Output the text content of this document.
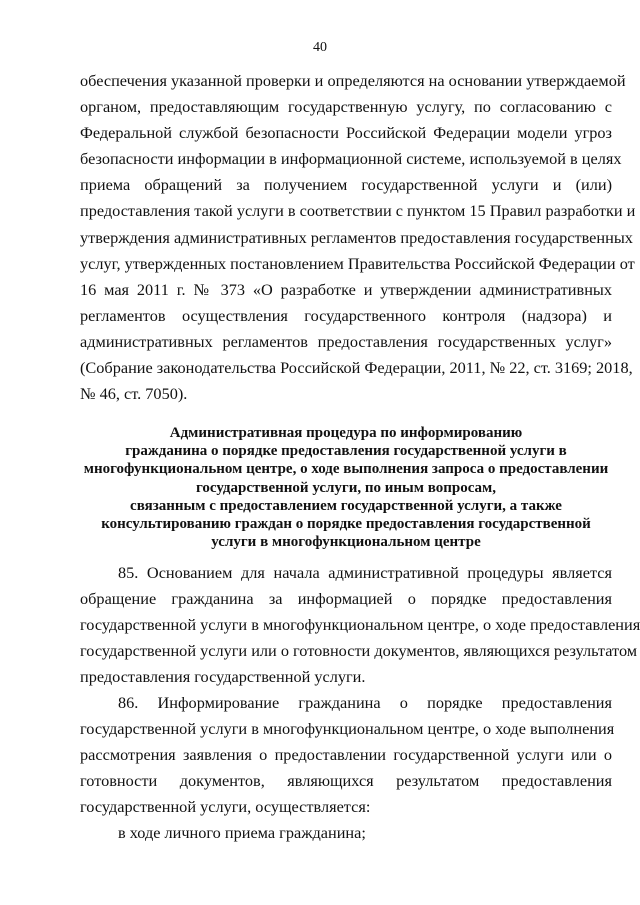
40
обеспечения указанной проверки и определяются на основании утверждаемой
органом, предоставляющим государственную услугу, по согласованию с
Федеральной службой безопасности Российской Федерации модели угроз
безопасности информации в информационной системе, используемой в целях
приема обращений за получением государственной услуги и (или)
предоставления такой услуги в соответствии с пунктом 15 Правил разработки и
утверждения административных регламентов предоставления государственных
услуг, утвержденных постановлением Правительства Российской Федерации от
16 мая 2011 г. № 373 «О разработке и утверждении административных
регламентов осуществления государственного контроля (надзора) и
административных регламентов предоставления государственных услуг»
(Собрание законодательства Российской Федерации, 2011, № 22, ст. 3169; 2018,
№ 46, ст. 7050).
Административная процедура по информированию
гражданина о порядке предоставления государственной услуги в
многофункциональном центре, о ходе выполнения запроса о предоставлении
государственной услуги, по иным вопросам,
связанным с предоставлением государственной услуги, а также
консультированию граждан о порядке предоставления государственной
услуги в многофункциональном центре
85. Основанием для начала административной процедуры является
обращение гражданина за информацией о порядке предоставления
государственной услуги в многофункциональном центре, о ходе предоставления
государственной услуги или о готовности документов, являющихся результатом
предоставления государственной услуги.
86. Информирование гражданина о порядке предоставления
государственной услуги в многофункциональном центре, о ходе выполнения
рассмотрения заявления о предоставлении государственной услуги или о
готовности документов, являющихся результатом предоставления
государственной услуги, осуществляется:
в ходе личного приема гражданина;
